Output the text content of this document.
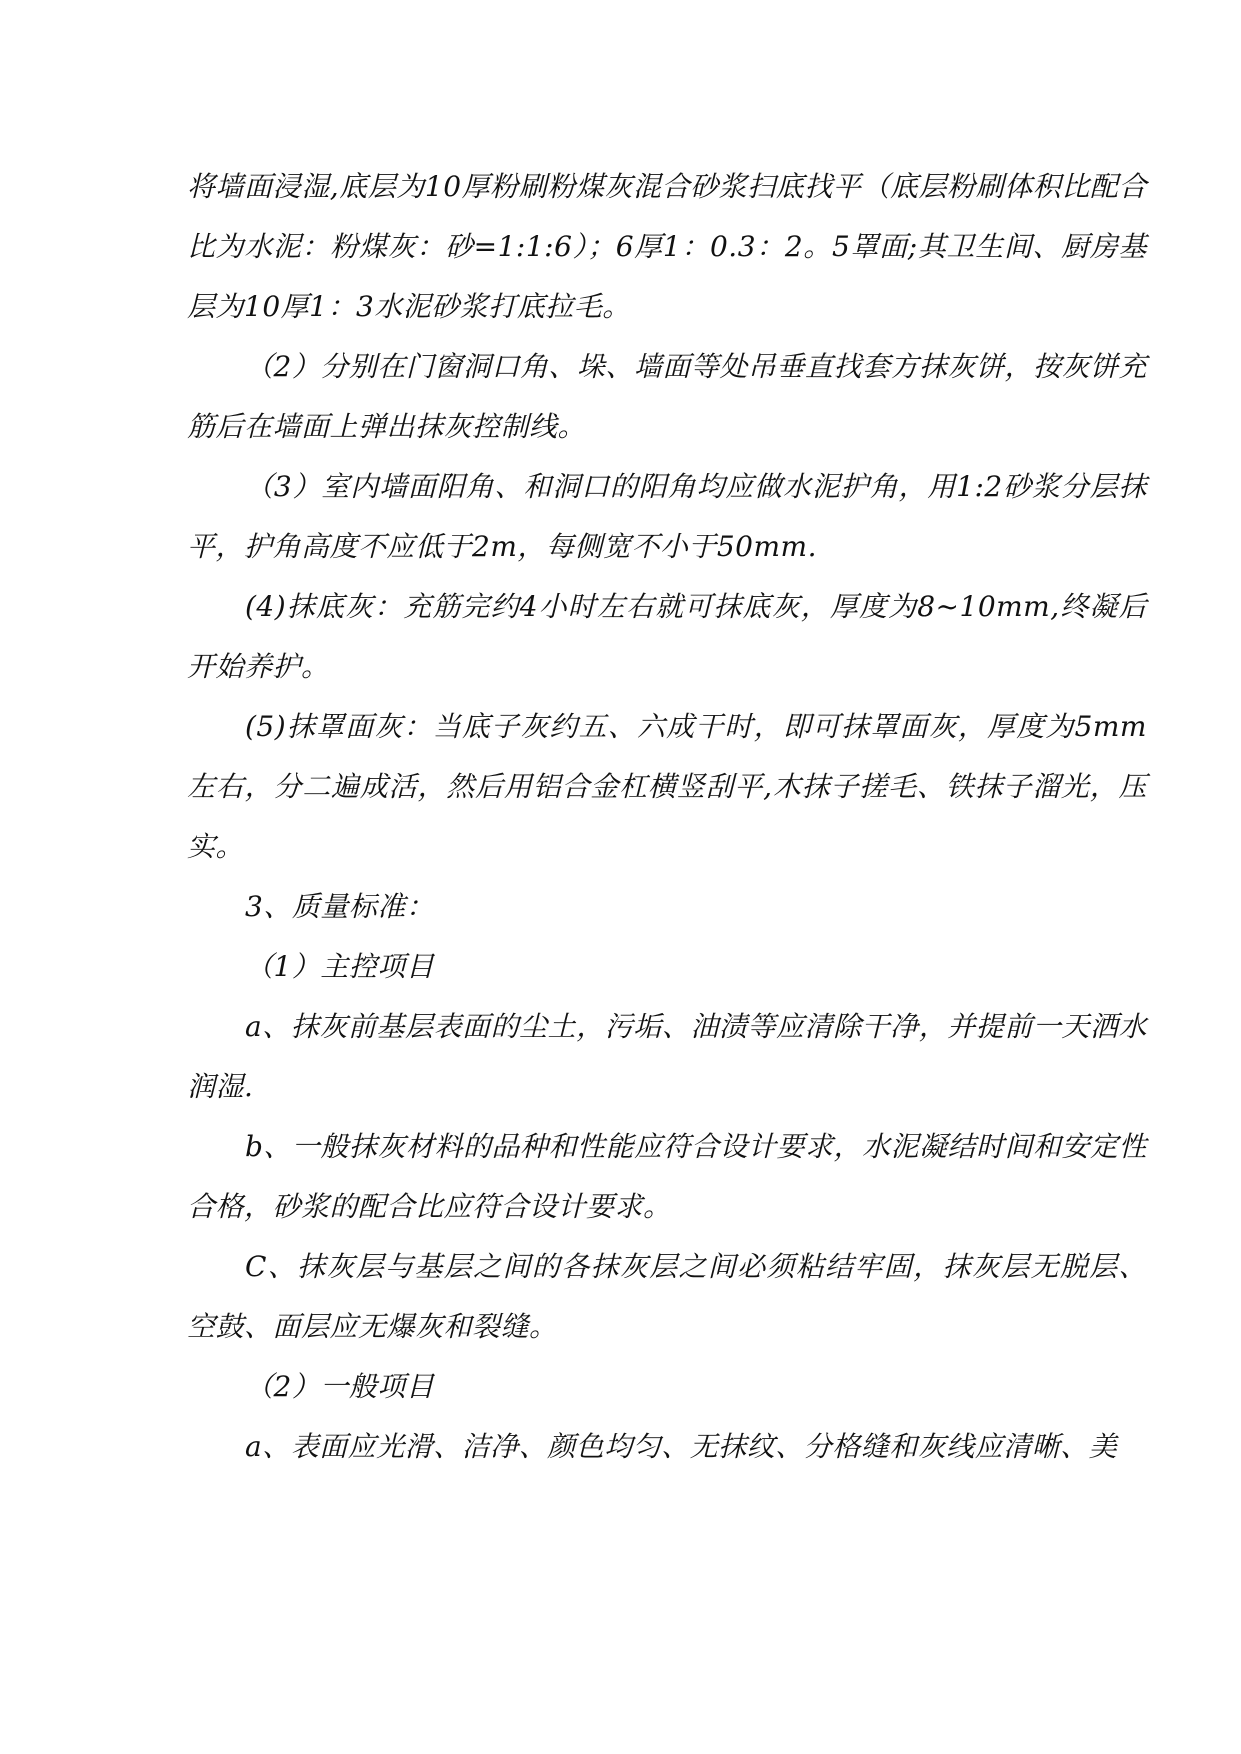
将墙面浸湿,底层为10厚粉刷粉煤灰混合砂浆扫底找平（底层粉刷体积比配合比为水泥：粉煤灰：砂=1:1:6）；6厚1：0.3：2。5罩面;其卫生间、厨房基层为10厚1：3水泥砂浆打底拉毛。

（2）分别在门窗洞口角、垛、墙面等处吊垂直找套方抹灰饼，按灰饼充筋后在墙面上弹出抹灰控制线。

（3）室内墙面阳角、和洞口的阳角均应做水泥护角，用1:2砂浆分层抹平，护角高度不应低于2m，每侧宽不小于50mm.

(4)抹底灰：充筋完约4小时左右就可抹底灰，厚度为8~10mm,终凝后开始养护。

(5)抹罩面灰：当底子灰约五、六成干时，即可抹罩面灰，厚度为5mm左右，分二遍成活，然后用铝合金杠横竖刮平,木抹子搓毛、铁抹子溜光，压实。

3、质量标准：

（1）主控项目

a、抹灰前基层表面的尘土，污垢、油渍等应清除干净，并提前一天洒水润湿.

b、一般抹灰材料的品种和性能应符合设计要求，水泥凝结时间和安定性合格，砂浆的配合比应符合设计要求。

C、抹灰层与基层之间的各抹灰层之间必须粘结牢固，抹灰层无脱层、空鼓、面层应无爆灰和裂缝。

（2）一般项目

a、表面应光滑、洁净、颜色均匀、无抹纹、分格缝和灰线应清晰、美
